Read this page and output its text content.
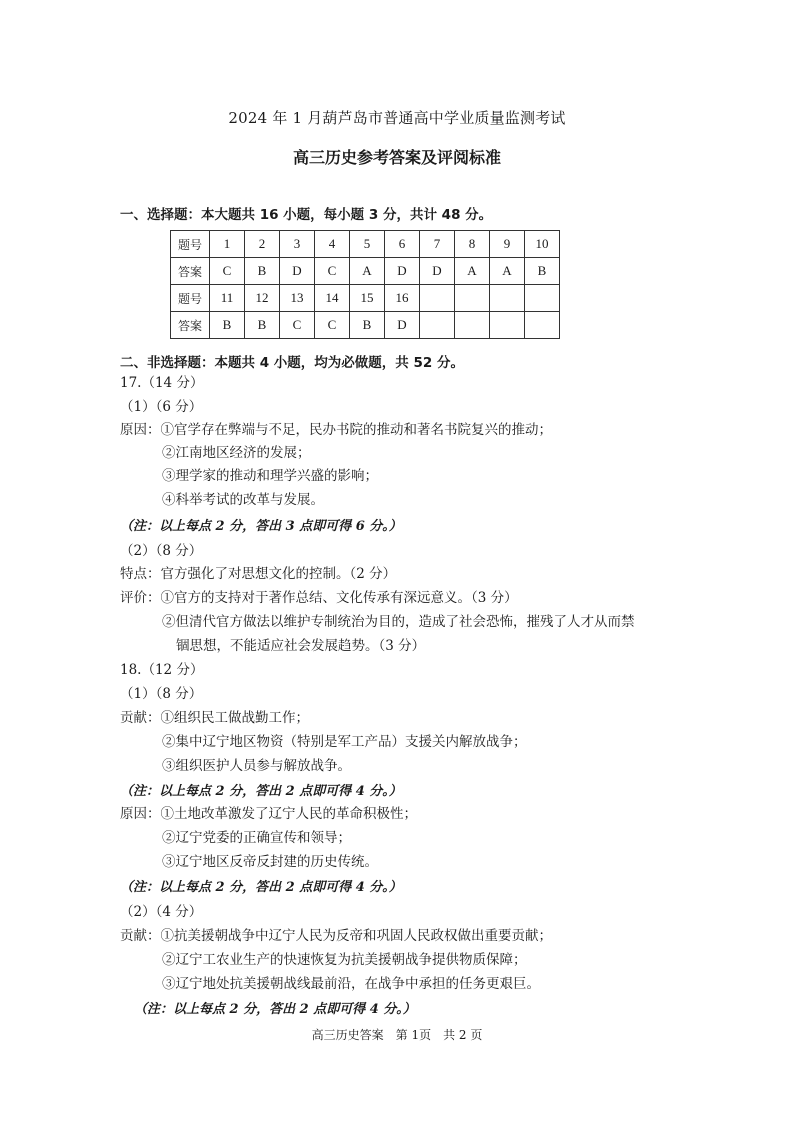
2024 年 1 月葫芦岛市普通高中学业质量监测考试
高三历史参考答案及评阅标准
一、选择题：本大题共 16 小题，每小题 3 分，共计 48 分。
题号	1	2	3	4	5	6	7	8	9	10
答案	C	B	D	C	A	D	D	A	A	B
题号	11	12	13	14	15	16				
答案	B	B	C	C	B	D				
二、非选择题：本题共 4 小题，均为必做题，共 52 分。
17.（14 分）
（1）（6 分）
原因：①官学存在弊端与不足，民办书院的推动和著名书院复兴的推动；
②江南地区经济的发展；
③理学家的推动和理学兴盛的影响；
④科举考试的改革与发展。
（注：以上每点 2 分，答出 3 点即可得 6 分。）
（2）（8 分）
特点：官方强化了对思想文化的控制。（2 分）
评价：①官方的支持对于著作总结、文化传承有深远意义。（3 分）
②但清代官方做法以维护专制统治为目的，造成了社会恐怖，摧残了人才从而禁
锢思想，不能适应社会发展趋势。（3 分）
18.（12 分）
（1）（8 分）
贡献：①组织民工做战勤工作；
②集中辽宁地区物资（特别是军工产品）支援关内解放战争；
③组织医护人员参与解放战争。
（注：以上每点 2 分，答出 2 点即可得 4 分。）
原因：①土地改革激发了辽宁人民的革命积极性；
②辽宁党委的正确宣传和领导；
③辽宁地区反帝反封建的历史传统。
（注：以上每点 2 分，答出 2 点即可得 4 分。）
（2）（4 分）
贡献：①抗美援朝战争中辽宁人民为反帝和巩固人民政权做出重要贡献；
②辽宁工农业生产的快速恢复为抗美援朝战争提供物质保障；
③辽宁地处抗美援朝战线最前沿，在战争中承担的任务更艰巨。
（注：以上每点 2 分，答出 2 点即可得 4 分。）
高三历史答案　第 1页　共 2 页
